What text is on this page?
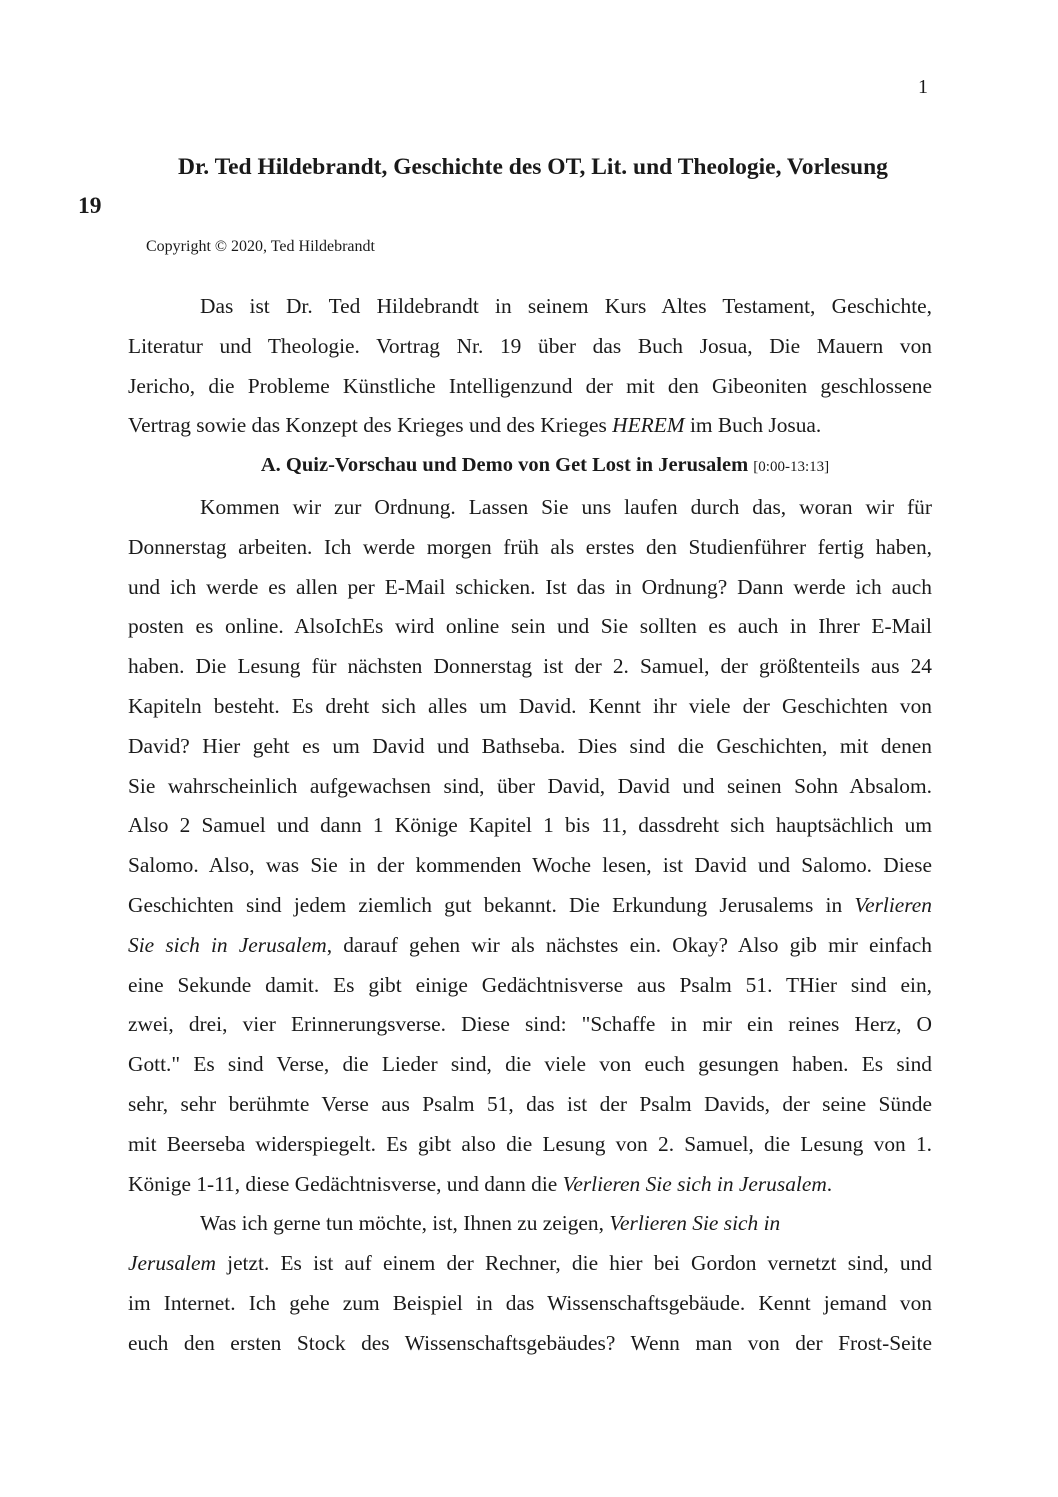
1
Dr. Ted Hildebrandt, Geschichte des OT, Lit. und Theologie, Vorlesung
19
Copyright © 2020, Ted Hildebrandt

Das ist Dr. Ted Hildebrandt in seinem Kurs Altes Testament, Geschichte,
Literatur und Theologie. Vortrag Nr. 19 über das Buch Josua, Die Mauern von
Jericho, die Probleme Künstliche Intelligenzund der mit den Gibeoniten geschlossene
Vertrag sowie das Konzept des Krieges und des Krieges HEREM im Buch Josua.

A. Quiz-Vorschau und Demo von Get Lost in Jerusalem [0:00-13:13]

Kommen wir zur Ordnung. Lassen Sie uns laufen durch das, woran wir für
Donnerstag arbeiten. Ich werde morgen früh als erstes den Studienführer fertig haben,
und ich werde es allen per E-Mail schicken. Ist das in Ordnung? Dann werde ich auch
posten es online. AlsoIchEs wird online sein und Sie sollten es auch in Ihrer E-Mail
haben. Die Lesung für nächsten Donnerstag ist der 2. Samuel, der größtenteils aus 24
Kapiteln besteht. Es dreht sich alles um David. Kennt ihr viele der Geschichten von
David? Hier geht es um David und Bathseba. Dies sind die Geschichten, mit denen
Sie wahrscheinlich aufgewachsen sind, über David, David und seinen Sohn Absalom.
Also 2 Samuel und dann 1 Könige Kapitel 1 bis 11, dassdreht sich hauptsächlich um
Salomo. Also, was Sie in der kommenden Woche lesen, ist David und Salomo. Diese
Geschichten sind jedem ziemlich gut bekannt. Die Erkundung Jerusalems in Verlieren
Sie sich in Jerusalem, darauf gehen wir als nächstes ein. Okay? Also gib mir einfach
eine Sekunde damit. Es gibt einige Gedächtnisverse aus Psalm 51. THier sind ein,
zwei, drei, vier Erinnerungsverse. Diese sind: "Schaffe in mir ein reines Herz, O
Gott." Es sind Verse, die Lieder sind, die viele von euch gesungen haben. Es sind
sehr, sehr berühmte Verse aus Psalm 51, das ist der Psalm Davids, der seine Sünde
mit Beerseba widerspiegelt. Es gibt also die Lesung von 2. Samuel, die Lesung von 1.
Könige 1-11, diese Gedächtnisverse, und dann die Verlieren Sie sich in Jerusalem.

Was ich gerne tun möchte, ist, Ihnen zu zeigen, Verlieren Sie sich in
Jerusalem jetzt. Es ist auf einem der Rechner, die hier bei Gordon vernetzt sind, und
im Internet. Ich gehe zum Beispiel in das Wissenschaftsgebäude. Kennt jemand von
euch den ersten Stock des Wissenschaftsgebäudes? Wenn man von der Frost-Seite
